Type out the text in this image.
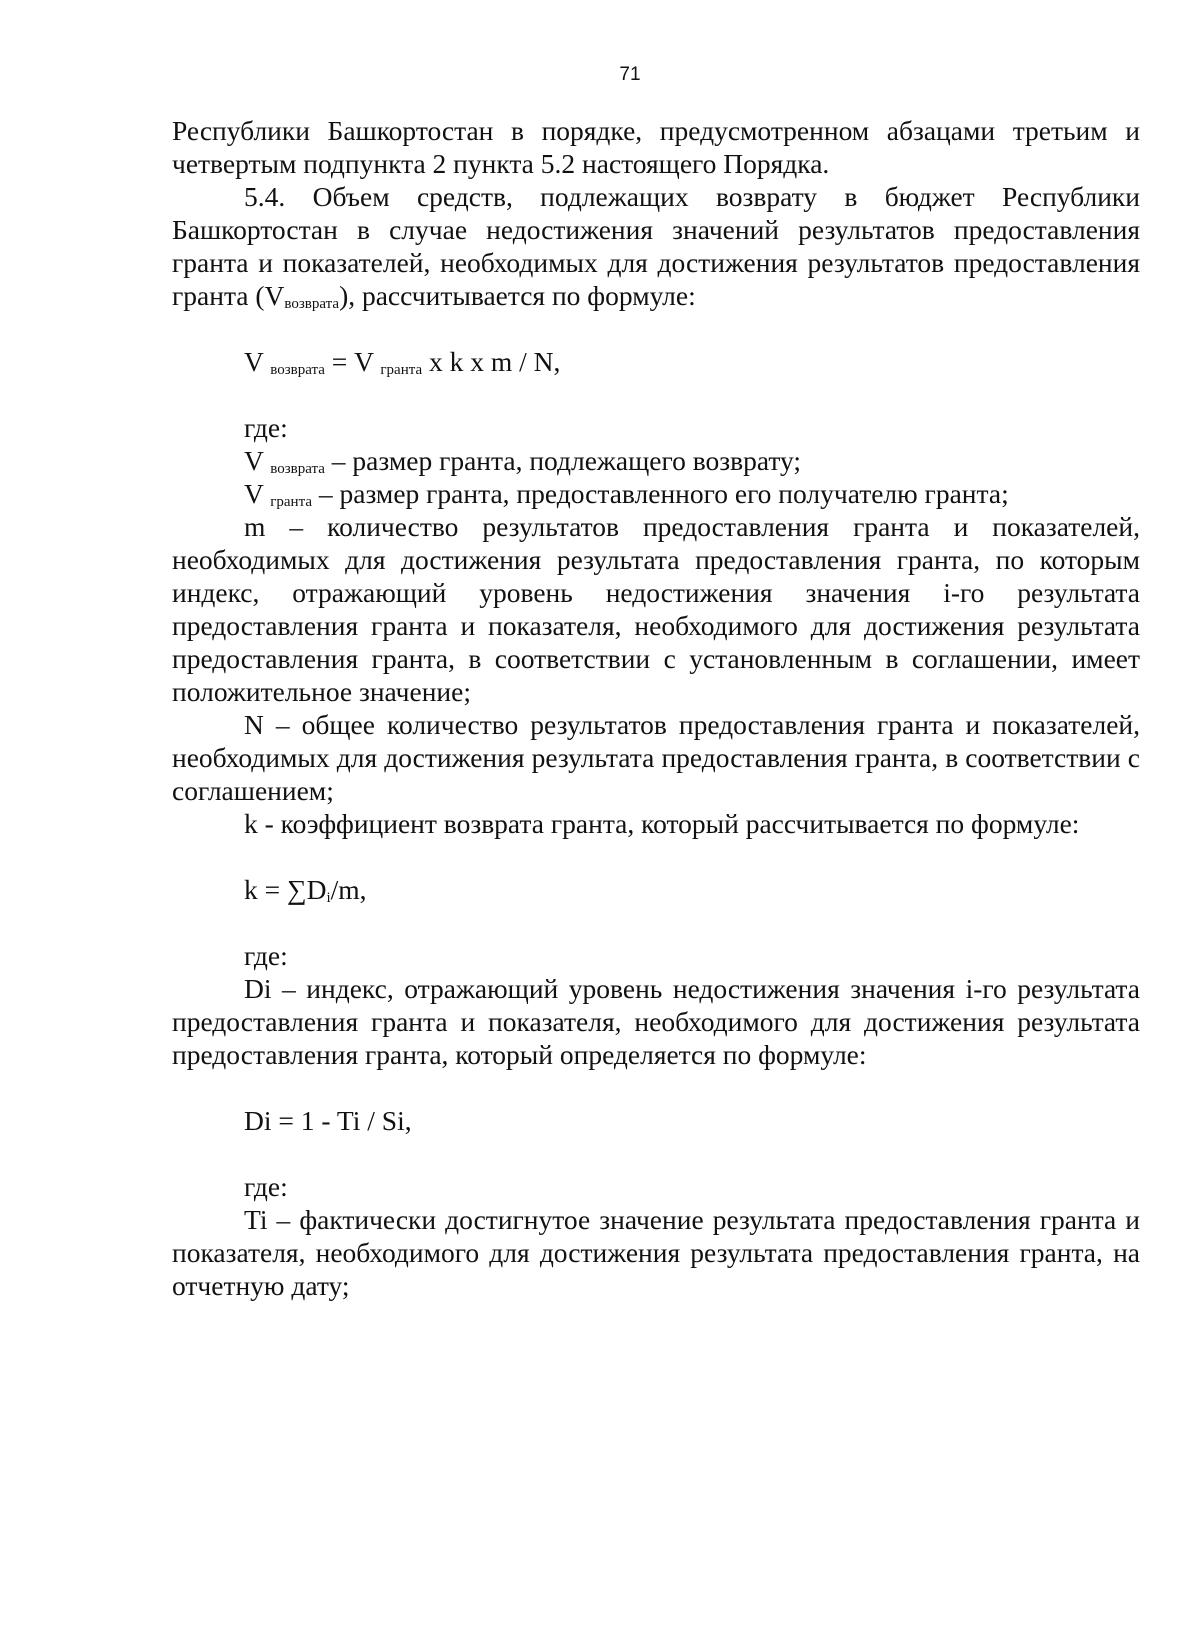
71

Республики Башкортостан в порядке, предусмотренном абзацами третьим и четвертым подпункта 2 пункта 5.2 настоящего Порядка.

5.4. Объем средств, подлежащих возврату в бюджет Республики Башкортостан в случае недостижения значений результатов предоставления гранта и показателей, необходимых для достижения результатов предоставления гранта $(V_{возврата})$, рассчитывается по формуле:

V $_{возврата}$ = V $_{гранта}$ x k x m / N,

где:

V $_{возврата}$ – размер гранта, подлежащего возврату;

V $_{гранта}$ – размер гранта, предоставленного его получателю гранта;

m – количество результатов предоставления гранта и показателей, необходимых для достижения результата предоставления гранта, по которым индекс, отражающий уровень недостижения значения i-го результата предоставления гранта и показателя, необходимого для достижения результата предоставления гранта, в соответствии с установленным в соглашении, имеет положительное значение;

N – общее количество результатов предоставления гранта и показателей, необходимых для достижения результата предоставления гранта, в соответствии с соглашением;

k - коэффициент возврата гранта, который рассчитывается по формуле:

$k = \sum D_i/m$,

где:

Di – индекс, отражающий уровень недостижения значения i-го результата предоставления гранта и показателя, необходимого для достижения результата предоставления гранта, который определяется по формуле:

Di = 1 - Ti / Si,

где:

Ti – фактически достигнутое значение результата предоставления гранта и показателя, необходимого для достижения результата предоставления гранта, на отчетную дату;
